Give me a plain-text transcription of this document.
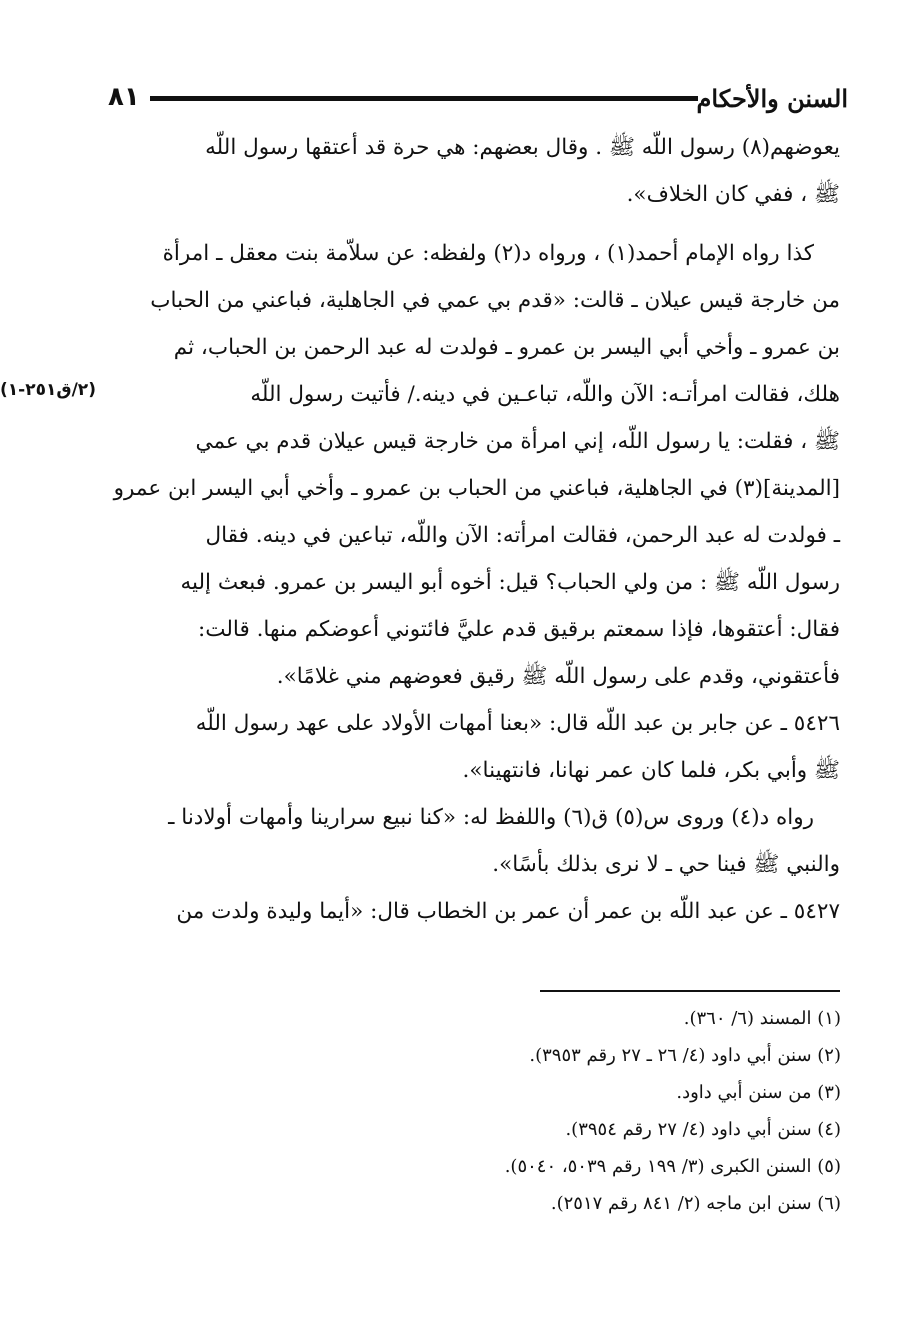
السنن والأحكام
٨١
(٢/ق٢٥١-١)
يعوضهم(٨) رسول اللّه ﷺ . وقال بعضهم: هي حرة قد أعتقها رسول اللّه
ﷺ ، ففي كان الخلاف».
كذا رواه الإمام أحمد(١) ، ورواه د(٢) ولفظه: عن سلاّمة بنت معقل ـ امرأة
من خارجة قيس عيلان ـ قالت: «قدم بي عمي في الجاهلية، فباعني من الحباب
بن عمرو ـ وأخي أبي اليسر بن عمرو ـ فولدت له عبد الرحمن بن الحباب، ثم
هلك، فقالت امرأتـه: الآن واللّه، تباعـين في دينه./ فأتيت رسول اللّه
ﷺ ، فقلت: يا رسول اللّه، إني امرأة من خارجة قيس عيلان قدم بي عمي
[المدينة](٣) في الجاهلية، فباعني من الحباب بن عمرو ـ وأخي أبي اليسر ابن عمرو
ـ فولدت له عبد الرحمن، فقالت امرأته: الآن واللّه، تباعين في دينه. فقال
رسول اللّه ﷺ : من ولي الحباب؟ قيل: أخوه أبو اليسر بن عمرو. فبعث إليه
فقال: أعتقوها، فإذا سمعتم برقيق قدم عليَّ فائتوني أعوضكم منها. قالت:
فأعتقوني، وقدم على رسول اللّه ﷺ رقيق فعوضهم مني غلامًا».
٥٤٢٦ ـ عن جابر بن عبد اللّه قال: «بعنا أمهات الأولاد على عهد رسول اللّه
ﷺ وأبي بكر، فلما كان عمر نهانا، فانتهينا».
رواه د(٤) وروى س(٥) ق(٦) واللفظ له: «كنا نبيع سرارينا وأمهات أولادنا ـ
والنبي ﷺ فينا حي ـ لا نرى بذلك بأسًا».
٥٤٢٧ ـ عن عبد اللّه بن عمر أن عمر بن الخطاب قال: «أيما وليدة ولدت من
(١) المسند (٦/ ٣٦٠).
(٢) سنن أبي داود (٤/ ٢٦ ـ ٢٧ رقم ٣٩٥٣).
(٣) من سنن أبي داود.
(٤) سنن أبي داود (٤/ ٢٧ رقم ٣٩٥٤).
(٥) السنن الكبرى (٣/ ١٩٩ رقم ٥٠٣٩، ٥٠٤٠).
(٦) سنن ابن ماجه (٢/ ٨٤١ رقم ٢٥١٧).
